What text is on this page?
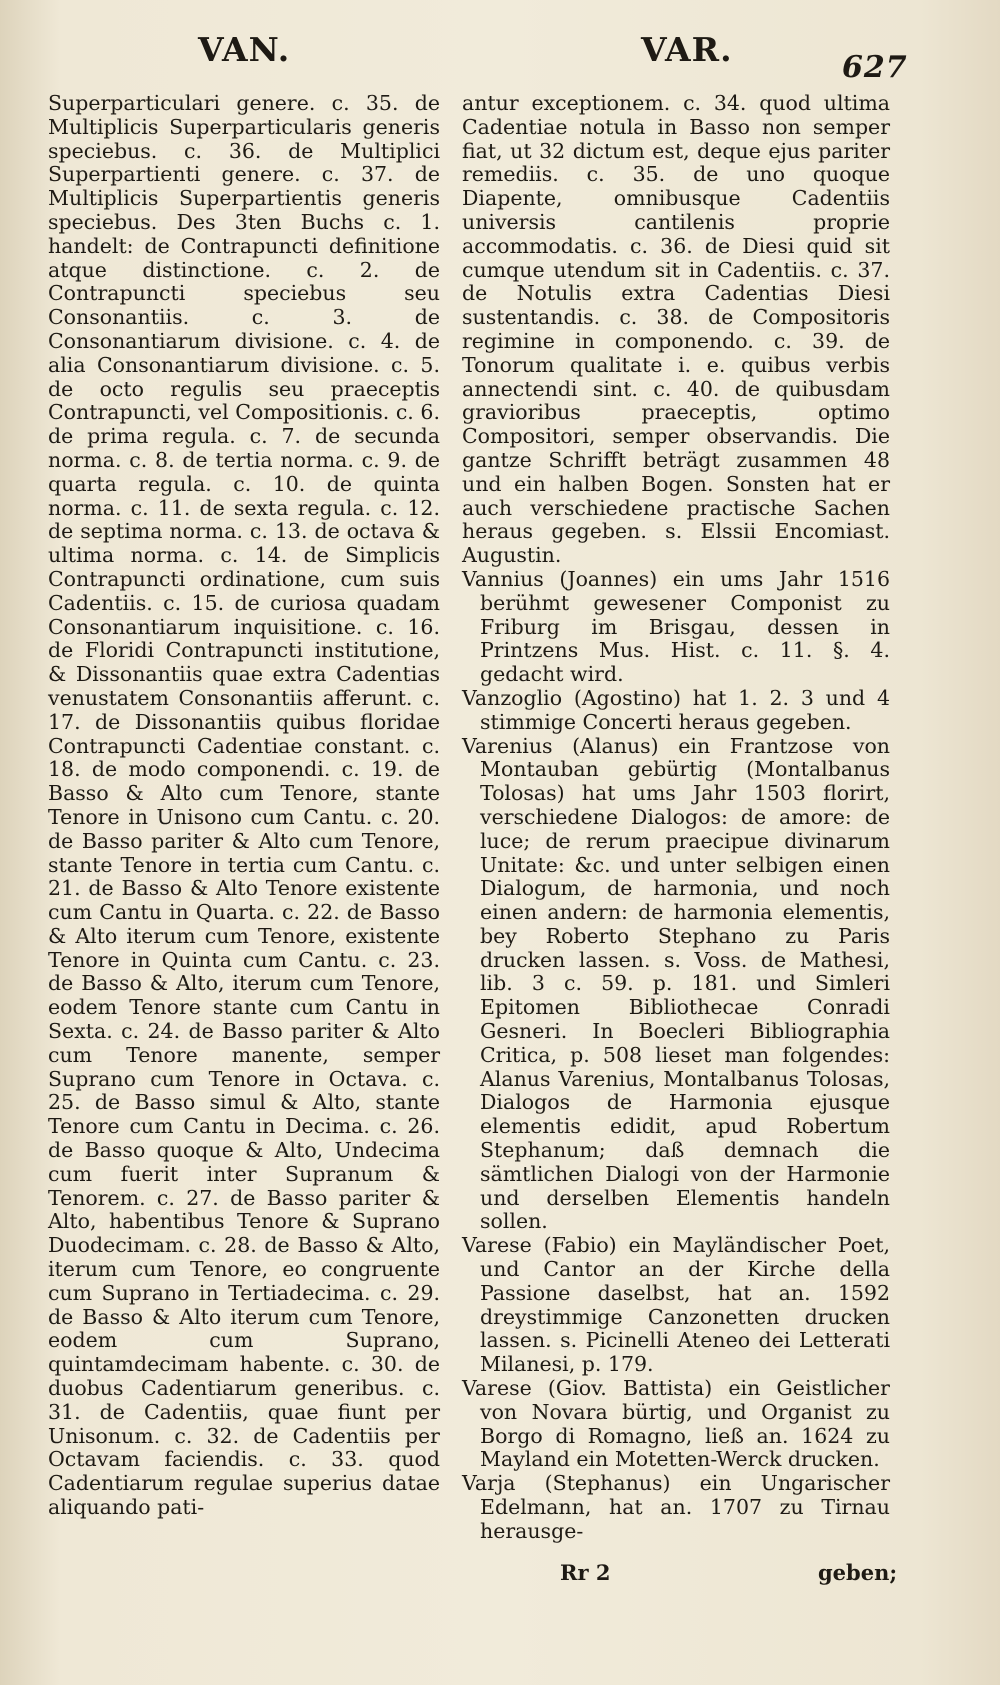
VAN.	VAR.	627

Superparticulari genere. c. 35. de Multiplicis Superparticularis generis speciebus. c. 36. de Multiplici Superpartienti genere. c. 37. de Multiplicis Superpartientis generis speciebus. Des 3ten Buchs c. 1. handelt: de Contrapuncti definitione atque distinctione. c. 2. de Contrapuncti speciebus seu Consonantiis. c. 3. de Consonantiarum divisione. c. 4. de alia Consonantiarum divisione. c. 5. de octo regulis seu praeceptis Contrapuncti, vel Compositionis. c. 6. de prima regula. c. 7. de secunda norma. c. 8. de tertia norma. c. 9. de quarta regula. c. 10. de quinta norma. c. 11. de sexta regula. c. 12. de septima norma. c. 13. de octava & ultima norma. c. 14. de Simplicis Contrapuncti ordinatione, cum suis Cadentiis. c. 15. de curiosa quadam Consonantiarum inquisitione. c. 16. de Floridi Contrapuncti institutione, & Dissonantiis quae extra Cadentias venustatem Consonantiis afferunt. c. 17. de Dissonantiis quibus floridae Contrapuncti Cadentiae constant. c. 18. de modo componendi. c. 19. de Basso & Alto cum Tenore, stante Tenore in Unisono cum Cantu. c. 20. de Basso pariter & Alto cum Tenore, stante Tenore in tertia cum Cantu. c. 21. de Basso & Alto Tenore existente cum Cantu in Quarta. c. 22. de Basso & Alto iterum cum Tenore, existente Tenore in Quinta cum Cantu. c. 23. de Basso & Alto, iterum cum Tenore, eodem Tenore stante cum Cantu in Sexta. c. 24. de Basso pariter & Alto cum Tenore manente, semper Suprano cum Tenore in Octava. c. 25. de Basso simul & Alto, stante Tenore cum Cantu in Decima. c. 26. de Basso quoque & Alto, Undecima cum fuerit inter Supranum & Tenorem. c. 27. de Basso pariter & Alto, habentibus Tenore & Suprano Duodecimam. c. 28. de Basso & Alto, iterum cum Tenore, eo congruente cum Suprano in Tertiadecima. c. 29. de Basso & Alto iterum cum Tenore, eodem cum Suprano, quintamdecimam habente. c. 30. de duobus Cadentiarum generibus. c. 31. de Cadentiis, quae fiunt per Unisonum. c. 32. de Cadentiis per Octavam faciendis. c. 33. quod Cadentiarum regulae superius datae aliquando pati-

antur exceptionem. c. 34. quod ultima Cadentiae notula in Basso non semper fiat, ut 32 dictum est, deque ejus pariter remediis. c. 35. de uno quoque Diapente, omnibusque Cadentiis universis cantilenis proprie accommodatis. c. 36. de Diesi quid sit cumque utendum sit in Cadentiis. c. 37. de Notulis extra Cadentias Diesi sustentandis. c. 38. de Compositoris regimine in componendo. c. 39. de Tonorum qualitate i. e. quibus verbis annectendi sint. c. 40. de quibusdam gravioribus praeceptis, optimo Compositori, semper observandis. Die gantze Schrifft beträgt zusammen 48 und ein halben Bogen. Sonsten hat er auch verschiedene practische Sachen heraus gegeben. s. Elssii Encomiast. Augustin.

Vannius (Joannes) ein ums Jahr 1516 berühmt gewesener Componist zu Friburg im Brisgau, dessen in Printzens Mus. Hist. c. 11. §. 4. gedacht wird.

Vanzoglio (Agostino) hat 1. 2. 3 und 4 stimmige Concerti heraus gegeben.

Varenius (Alanus) ein Frantzose von Montauban gebürtig (Montalbanus Tolosas) hat ums Jahr 1503 florirt, verschiedene Dialogos: de amore: de luce; de rerum praecipue divinarum Unitate: &c. und unter selbigen einen Dialogum, de harmonia, und noch einen andern: de harmonia elementis, bey Roberto Stephano zu Paris drucken lassen. s. Voss. de Mathesi, lib. 3 c. 59. p. 181. und Simleri Epitomen Bibliothecae Conradi Gesneri. In Boecleri Bibliographia Critica, p. 508 lieset man folgendes: Alanus Varenius, Montalbanus Tolosas, Dialogos de Harmonia ejusque elementis edidit, apud Robertum Stephanum; daß demnach die sämtlichen Dialogi von der Harmonie und derselben Elementis handeln sollen.

Varese (Fabio) ein Mayländischer Poet, und Cantor an der Kirche della Passione daselbst, hat an. 1592 dreystimmige Canzonetten drucken lassen. s. Picinelli Ateneo dei Letterati Milanesi, p. 179.

Varese (Giov. Battista) ein Geistlicher von Novara bürtig, und Organist zu Borgo di Romagno, ließ an. 1624 zu Mayland ein Motetten-Werck drucken.

Varja (Stephanus) ein Ungarischer Edelmann, hat an. 1707 zu Tirnau herausge-

Rr 2	geben;
